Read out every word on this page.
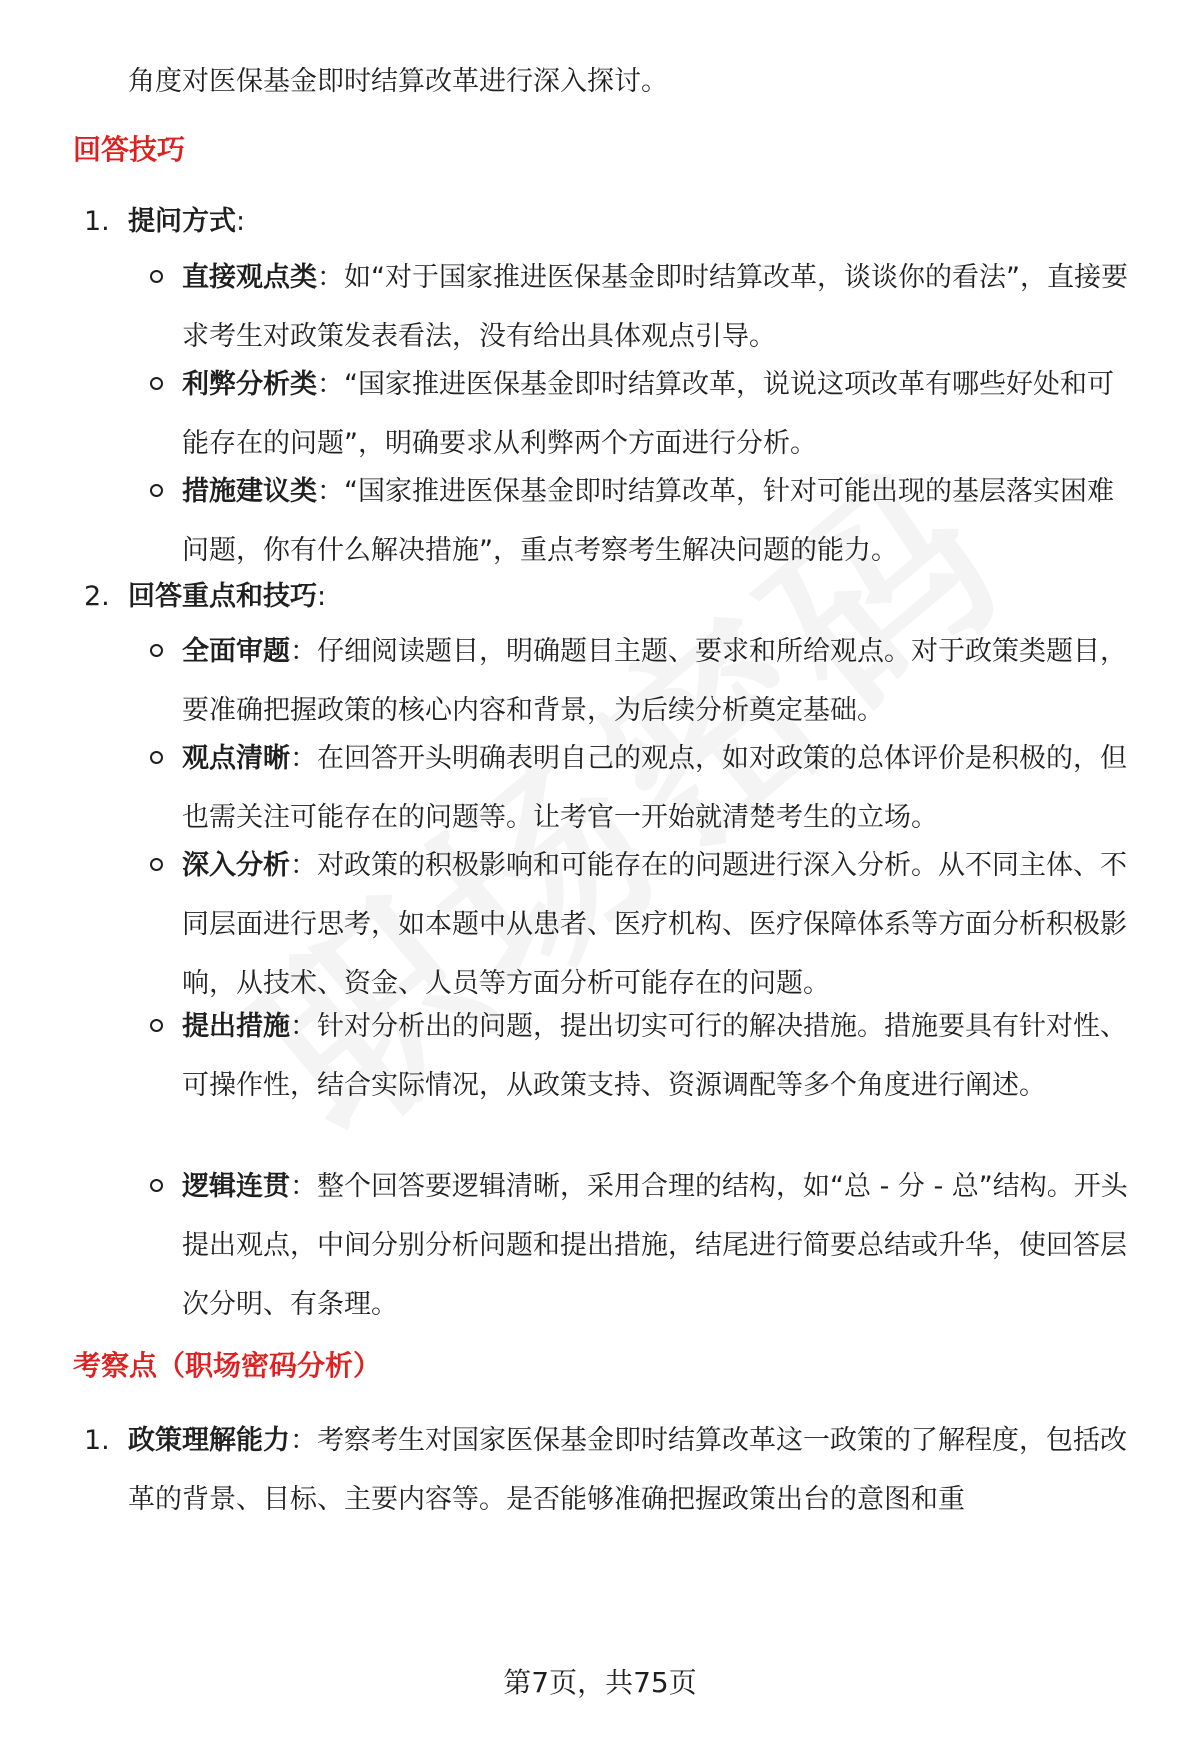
角度对医保基金即时结算改革进行深入探讨。
回答技巧
1. 提问方式:
直接观点类：如“对于国家推进医保基金即时结算改革，谈谈你的看法”，直接要求考生对政策发表看法，没有给出具体观点引导。
利弊分析类：“国家推进医保基金即时结算改革，说说这项改革有哪些好处和可能存在的问题”，明确要求从利弊两个方面进行分析。
措施建议类：“国家推进医保基金即时结算改革，针对可能出现的基层落实困难问题，你有什么解决措施”，重点考察考生解决问题的能力。
2. 回答重点和技巧:
全面审题：仔细阅读题目，明确题目主题、要求和所给观点。对于政策类题目，要准确把握政策的核心内容和背景，为后续分析奠定基础。
观点清晰：在回答开头明确表明自己的观点，如对政策的总体评价是积极的，但也需关注可能存在的问题等。让考官一开始就清楚考生的立场。
深入分析：对政策的积极影响和可能存在的问题进行深入分析。从不同主体、不同层面进行思考，如本题中从患者、医疗机构、医疗保障体系等方面分析积极影响，从技术、资金、人员等方面分析可能存在的问题。
提出措施：针对分析出的问题，提出切实可行的解决措施。措施要具有针对性、可操作性，结合实际情况，从政策支持、资源调配等多个角度进行阐述。
逻辑连贯：整个回答要逻辑清晰，采用合理的结构，如“总 - 分 - 总”结构。开头提出观点，中间分别分析问题和提出措施，结尾进行简要总结或升华，使回答层次分明、有条理。
考察点（职场密码分析）
1. 政策理解能力：考察考生对国家医保基金即时结算改革这一政策的了解程度，包括改革的背景、目标、主要内容等。是否能够准确把握政策出台的意图和重
第7页，共75页
